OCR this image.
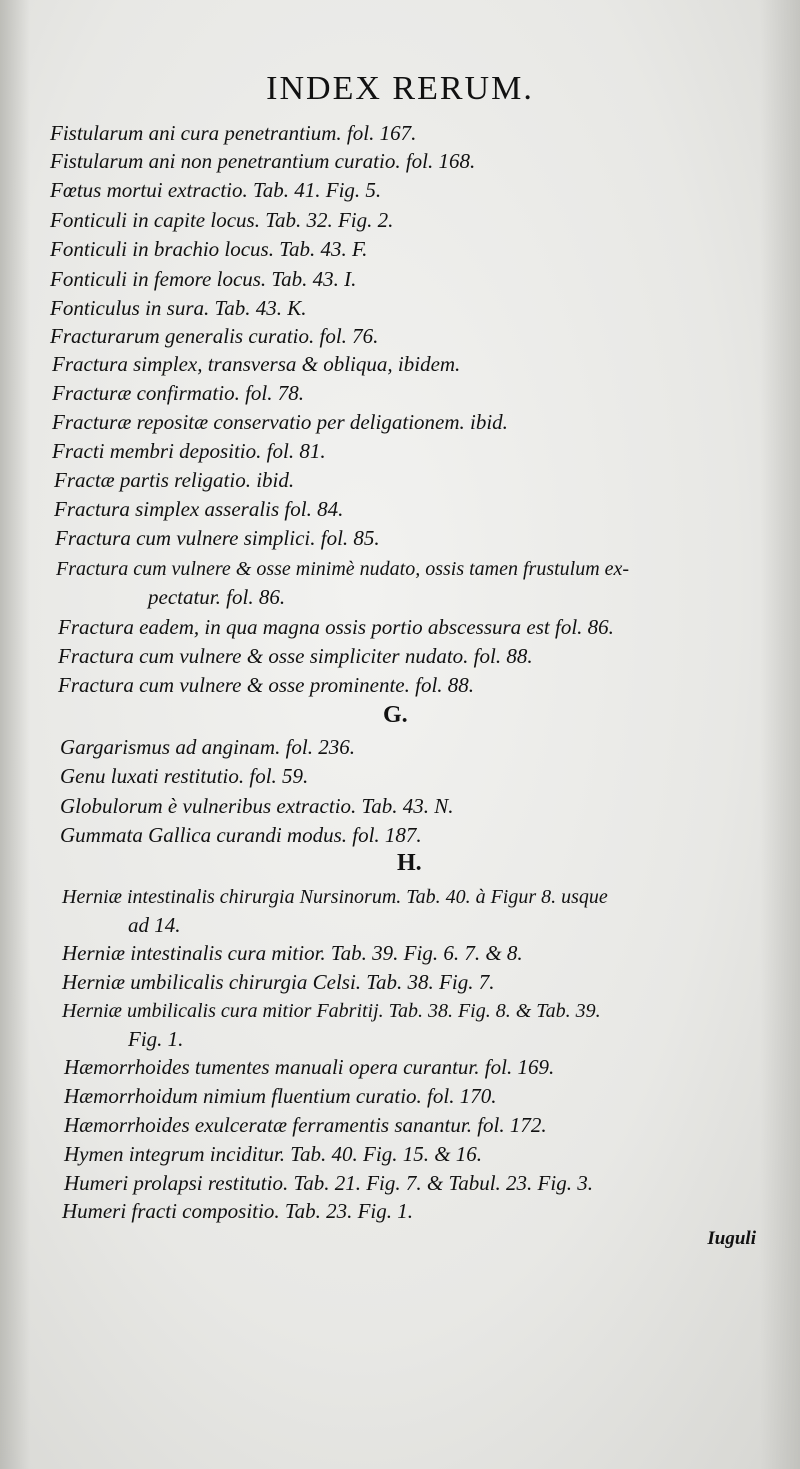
INDEX RERUM.
Fistularum ani cura penetrantium. fol. 167.
Fistularum ani non penetrantium curatio. fol. 168.
Fœtus mortui extractio. Tab. 41. Fig. 5.
Fonticuli in capite locus. Tab. 32. Fig. 2.
Fonticuli in brachio locus. Tab. 43. F.
Fonticuli in femore locus. Tab. 43. I.
Fonticulus in sura. Tab. 43. K.
Fracturarum generalis curatio. fol. 76.
Fractura simplex, transversa & obliqua, ibidem.
Fracturæ confirmatio. fol. 78.
Fracturæ repositæ conservatio per deligationem. ibid.
Fracti membri depositio. fol. 81.
Fractæ partis religatio. ibid.
Fractura simplex asseralis fol. 84.
Fractura cum vulnere simplici. fol. 85.
Fractura cum vulnere & osse minimè nudato, ossis tamen frustulum ex-
pectatur. fol. 86.
Fractura eadem, in qua magna ossis portio abscessura est fol. 86.
Fractura cum vulnere & osse simpliciter nudato. fol. 88.
Fractura cum vulnere & osse prominente. fol. 88.
G.
Gargarismus ad anginam. fol. 236.
Genu luxati restitutio. fol. 59.
Globulorum è vulneribus extractio. Tab. 43. N.
Gummata Gallica curandi modus. fol. 187.
H.
Herniæ intestinalis chirurgia Nursinorum. Tab. 40. à Figur 8. usque
ad 14.
Herniæ intestinalis cura mitior. Tab. 39. Fig. 6. 7. & 8.
Herniæ umbilicalis chirurgia Celsi. Tab. 38. Fig. 7.
Herniæ umbilicalis cura mitior Fabritij. Tab. 38. Fig. 8. & Tab. 39.
Fig. 1.
Hæmorrhoides tumentes manuali opera curantur. fol. 169.
Hæmorrhoidum nimium fluentium curatio. fol. 170.
Hæmorrhoides exulceratæ ferramentis sanantur. fol. 172.
Hymen integrum inciditur. Tab. 40. Fig. 15. & 16.
Humeri prolapsi restitutio. Tab. 21. Fig. 7. & Tabul. 23. Fig. 3.
Humeri fracti compositio. Tab. 23. Fig. 1.
Iuguli
